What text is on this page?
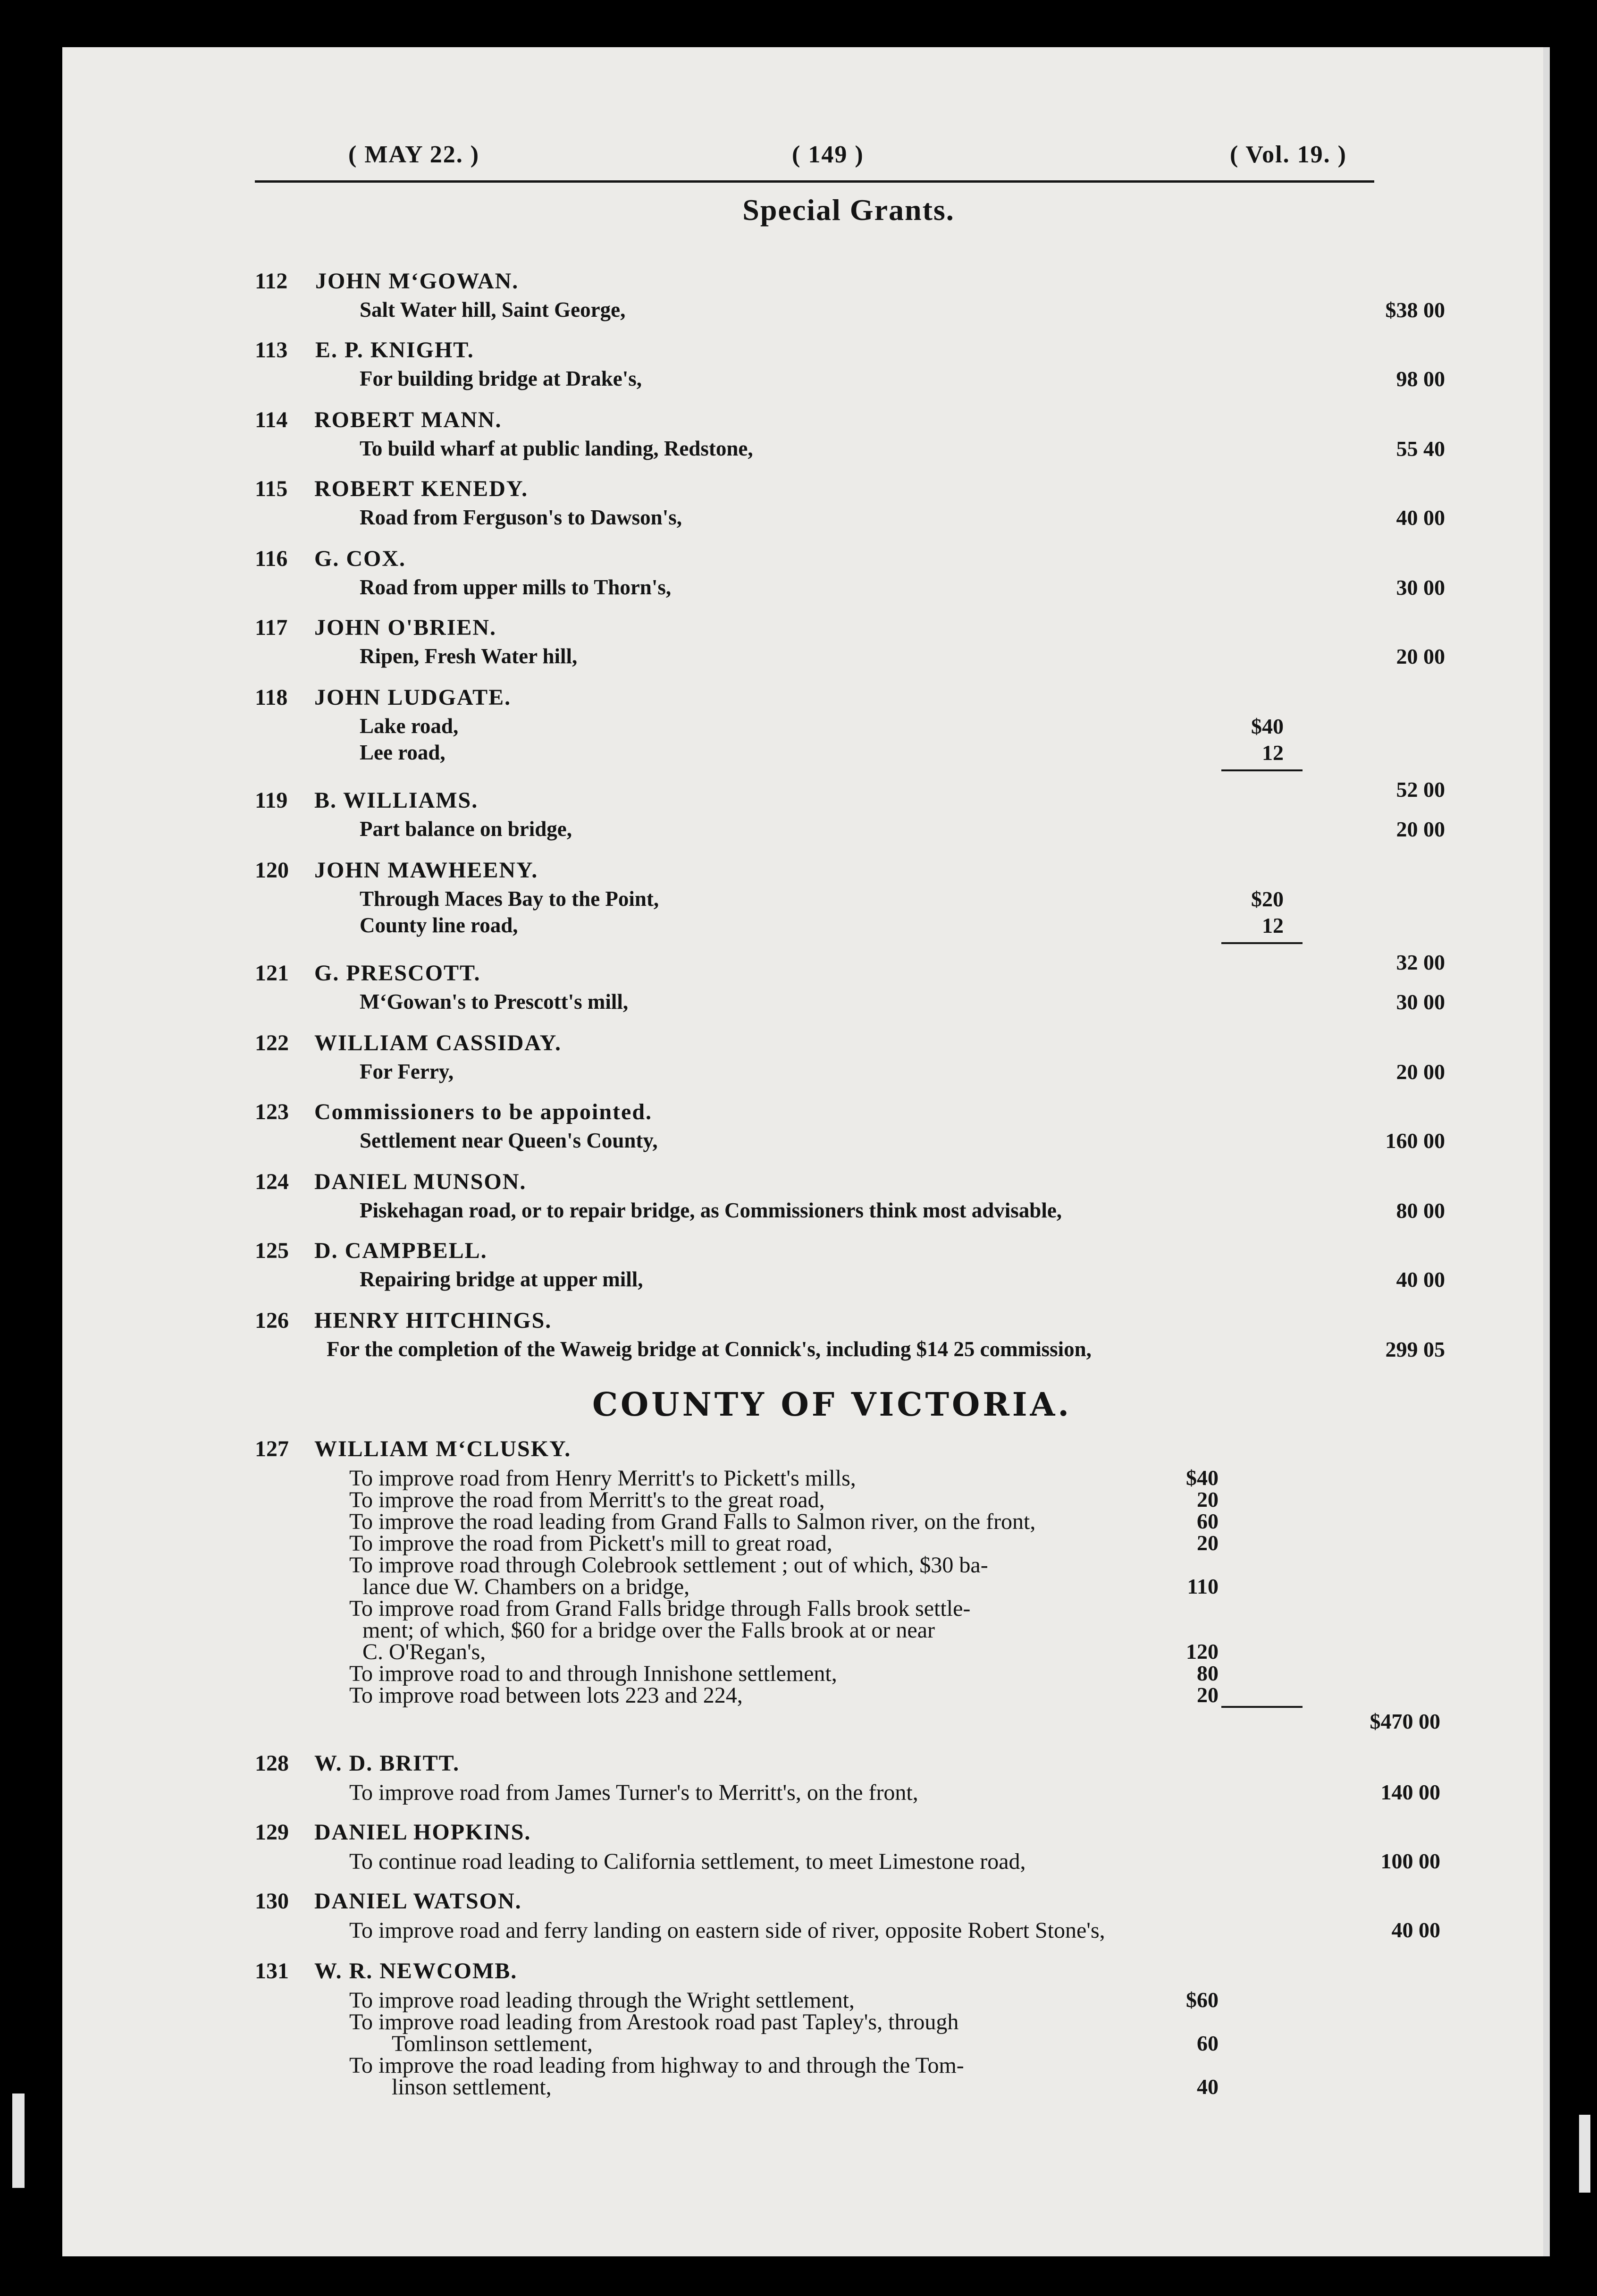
( MAY 22. )	( 149 )	( Vol. 19. )
Special Grants.
112	JOHN M‘GOWAN.
Salt Water hill, Saint George,	$38 00
113	E. P. KNIGHT.
For building bridge at Drake's,	98 00
114	ROBERT MANN.
To build wharf at public landing, Redstone,	55 40
115	ROBERT KENEDY.
Road from Ferguson's to Dawson's,	40 00
116	G. COX.
Road from upper mills to Thorn's,	30 00
117	JOHN O'BRIEN.
Ripen, Fresh Water hill,	20 00
118	JOHN LUDGATE.
Lake road,	$40
Lee road,	12
52 00
119	B. WILLIAMS.
Part balance on bridge,	20 00
120	JOHN MAWHEENY.
Through Maces Bay to the Point,	$20
County line road,	12
32 00
121	G. PRESCOTT.
M‘Gowan's to Prescott's mill,	30 00
122	WILLIAM CASSIDAY.
For Ferry,	20 00
123	Commissioners to be appointed.
Settlement near Queen's County,	160 00
124	DANIEL MUNSON.
Piskehagan road, or to repair bridge, as Commissioners think most advisable,	80 00
125	D. CAMPBELL.
Repairing bridge at upper mill,	40 00
126	HENRY HITCHINGS.
For the completion of the Waweig bridge at Connick's, including $14 25 commission,	299 05
COUNTY OF VICTORIA.
127	WILLIAM M‘CLUSKY.
To improve road from Henry Merritt's to Pickett's mills,	$40
To improve the road from Merritt's to the great road,	20
To improve the road leading from Grand Falls to Salmon river, on the front,	60
To improve the road from Pickett's mill to great road,	20
To improve road through Colebrook settlement ; out of which, $30 ba-
lance due W. Chambers on a bridge,	110
To improve road from Grand Falls bridge through Falls brook settle-
ment; of which, $60 for a bridge over the Falls brook at or near
C. O'Regan's,	120
To improve road to and through Innishone settlement,	80
To improve road between lots 223 and 224,	20
$470 00
128	W. D. BRITT.
To improve road from James Turner's to Merritt's, on the front,	140 00
129	DANIEL HOPKINS.
To continue road leading to California settlement, to meet Limestone road,	100 00
130	DANIEL WATSON.
To improve road and ferry landing on eastern side of river, opposite Robert Stone's,	40 00
131	W. R. NEWCOMB.
To improve road leading through the Wright settlement,	$60
To improve road leading from Arestook road past Tapley's, through
Tomlinson settlement,	60
To improve the road leading from highway to and through the Tom-
linson settlement,	40
